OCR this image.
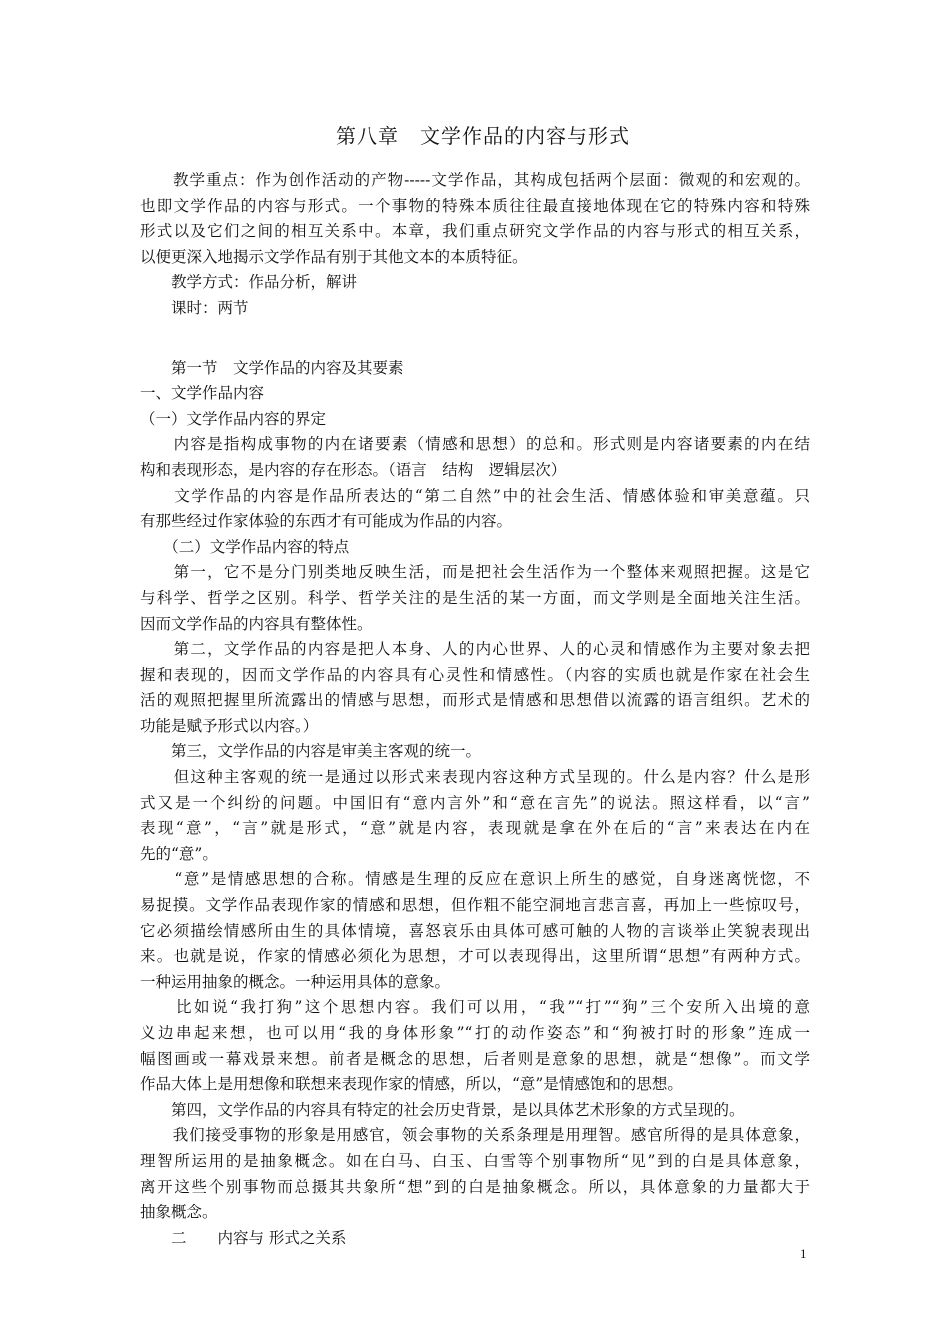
第八章　文学作品的内容与形式
　　教学重点：作为创作活动的产物-----文学作品，其构成包括两个层面：微观的和宏观的。
也即文学作品的内容与形式。一个事物的特殊本质往往最直接地体现在它的特殊内容和特殊
形式以及它们之间的相互关系中。本章，我们重点研究文学作品的内容与形式的相互关系，
以便更深入地揭示文学作品有别于其他文本的本质特征。
　　教学方式：作品分析，解讲
　　课时：两节
　　第一节　文学作品的内容及其要素
一、文学作品内容
（一）文学作品内容的界定
　　内容是指构成事物的内在诸要素（情感和思想）的总和。形式则是内容诸要素的内在结
构和表现形态，是内容的存在形态。（语言　结构　逻辑层次）
　　文学作品的内容是作品所表达的“第二自然”中的社会生活、情感体验和审美意蕴。只
有那些经过作家体验的东西才有可能成为作品的内容。
　　（二）文学作品内容的特点
　　第一，它不是分门别类地反映生活，而是把社会生活作为一个整体来观照把握。这是它
与科学、哲学之区别。科学、哲学关注的是生活的某一方面，而文学则是全面地关注生活。
因而文学作品的内容具有整体性。
　　第二，文学作品的内容是把人本身、人的内心世界、人的心灵和情感作为主要对象去把
握和表现的，因而文学作品的内容具有心灵性和情感性。（内容的实质也就是作家在社会生
活的观照把握里所流露出的情感与思想，而形式是情感和思想借以流露的语言组织。艺术的
功能是赋予形式以内容。）
　　第三，文学作品的内容是审美主客观的统一。
　　但这种主客观的统一是通过以形式来表现内容这种方式呈现的。什么是内容？什么是形
式又是一个纠纷的问题。中国旧有“意内言外”和“意在言先”的说法。照这样看，以“言”
表现“意”，“言”就是形式，“意”就是内容，表现就是拿在外在后的“言”来表达在内在
先的“意”。
　　“意”是情感思想的合称。情感是生理的反应在意识上所生的感觉，自身迷离恍惚，不
易捉摸。文学作品表现作家的情感和思想，但作粗不能空洞地言悲言喜，再加上一些惊叹号，
它必须描绘情感所由生的具体情境，喜怒哀乐由具体可感可触的人物的言谈举止笑貌表现出
来。也就是说，作家的情感必须化为思想，才可以表现得出，这里所谓“思想”有两种方式。
一种运用抽象的概念。一种运用具体的意象。
　　比如说“我打狗”这个思想内容。我们可以用，“我”“打”“狗”三个安所入出境的意
义边串起来想，也可以用“我的身体形象”“打的动作姿态”和“狗被打时的形象”连成一
幅图画或一幕戏景来想。前者是概念的思想，后者则是意象的思想，就是“想像”。而文学
作品大体上是用想像和联想来表现作家的情感，所以，“意”是情感饱和的思想。
　　第四，文学作品的内容具有特定的社会历史背景，是以具体艺术形象的方式呈现的。
　　我们接受事物的形象是用感官，领会事物的关系条理是用理智。感官所得的是具体意象，
理智所运用的是抽象概念。如在白马、白玉、白雪等个别事物所“见”到的白是具体意象，
离开这些个别事物而总摄其共象所“想”到的白是抽象概念。所以，具体意象的力量都大于
抽象概念。
　　二　　内容与 形式之关系
1
